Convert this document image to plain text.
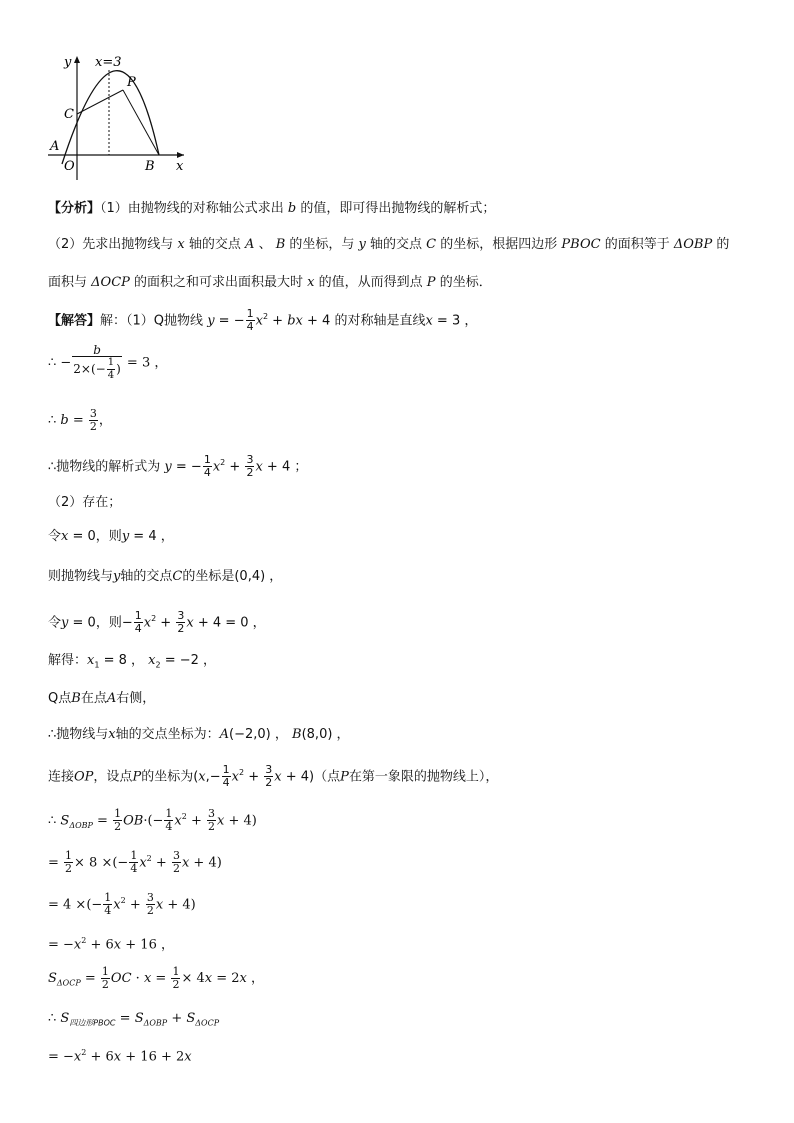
y
x
x=3
P
C
A
O	B
【分析】（1）由抛物线的对称轴公式求出 b 的值，即可得出抛物线的解析式；
（2）先求出抛物线与 x 轴的交点 A 、 B 的坐标，与 y 轴的交点 C 的坐标，根据四边形 PBOC 的面积等于 ΔOBP 的
面积与 ΔOCP 的面积之和可求出面积最大时 x 的值，从而得到点 P 的坐标．
【解答】解：（1）Q抛物线 y = − $\frac{1}{4} x^2$ + bx + 4 的对称轴是直线x = 3 ，
∴ − $\frac{b}{2\times(- \frac{1}{4} )} = 3$ ，
∴ $b = \frac{3}{2}$ ，
∴抛物线的解析式为 y = − $\frac{1}{4} x^2 + \frac{3}{2}$ x + 4 ；
（2）存在；
令x = 0，则y = 4 ，
则抛物线与y轴的交点C的坐标是(0,4) ，
令y = 0，则− $\frac{1}{4} x^2 + \frac{3}{2}$ x + 4 = 0 ，
解得：$x_1 = 8$ ， $x_2 = -2$ ，
Q点B在点A右侧，
∴抛物线与x轴的交点坐标为：A(−2,0) ， B(8,0) ，
连接OP，设点P的坐标为($x,- \frac{1}{4} x^2 + \frac{3}{2}$ x + 4)（点P在第一象限的抛物线上），
∴ $S_{\Delta OBP} = \frac{1}{2} OB\cdot(- \frac{1}{4} x^2 + \frac{3}{2}$ x + 4)
= $\frac{1}{2} \times 8$ ×(− $\frac{1}{4} x^2 + \frac{3}{2}$ x + 4)
= 4 ×(− $\frac{1}{4} x^2 + \frac{3}{2}$ x + 4)
= $-x^2 + 6x + 16$ ，
$S_{\Delta OCP} = \frac{1}{2}$ OC · $x = \frac{1}{2} \times 4x = 2x$ ，
∴ $S_{四边形PBOC} = S_{\Delta OBP} + S_{\Delta OCP}$
= $-x^2 + 6x + 16 + 2x$
